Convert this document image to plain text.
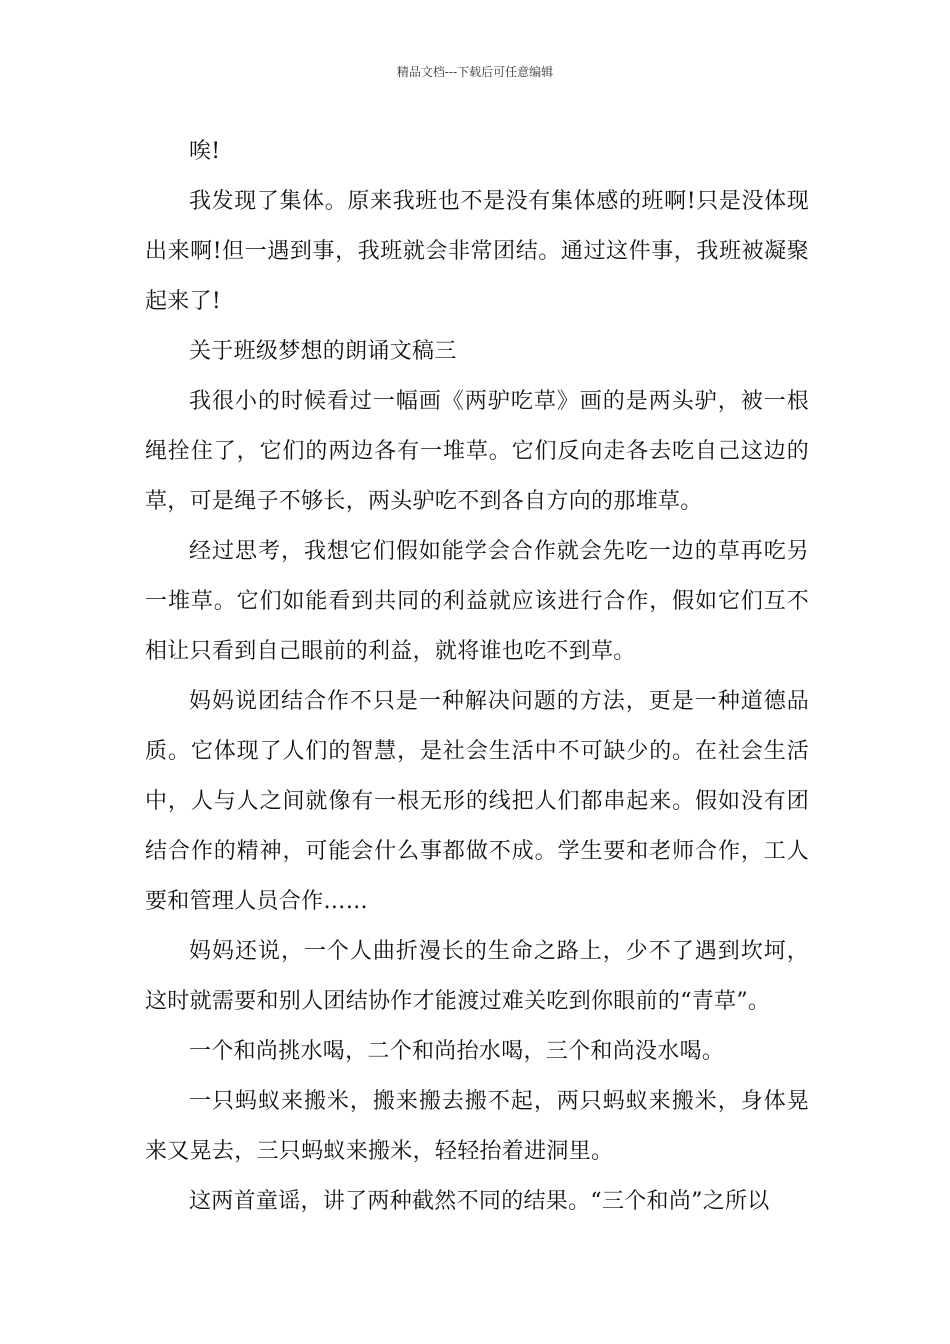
精品文档---下载后可任意编辑

唉!

我发现了集体。原来我班也不是没有集体感的班啊!只是没体现出来啊!但一遇到事，我班就会非常团结。通过这件事，我班被凝聚起来了!

关于班级梦想的朗诵文稿三

我很小的时候看过一幅画《两驴吃草》画的是两头驴，被一根绳拴住了，它们的两边各有一堆草。它们反向走各去吃自己这边的草，可是绳子不够长，两头驴吃不到各自方向的那堆草。

经过思考，我想它们假如能学会合作就会先吃一边的草再吃另一堆草。它们如能看到共同的利益就应该进行合作，假如它们互不相让只看到自己眼前的利益，就将谁也吃不到草。

妈妈说团结合作不只是一种解决问题的方法，更是一种道德品质。它体现了人们的智慧，是社会生活中不可缺少的。在社会生活中，人与人之间就像有一根无形的线把人们都串起来。假如没有团结合作的精神，可能会什么事都做不成。学生要和老师合作，工人要和管理人员合作……

妈妈还说，一个人曲折漫长的生命之路上，少不了遇到坎坷，这时就需要和别人团结协作才能渡过难关吃到你眼前的“青草”。

一个和尚挑水喝，二个和尚抬水喝，三个和尚没水喝。

一只蚂蚁来搬米，搬来搬去搬不起，两只蚂蚁来搬米，身体晃来又晃去，三只蚂蚁来搬米，轻轻抬着进洞里。

这两首童谣，讲了两种截然不同的结果。“三个和尚”之所以
